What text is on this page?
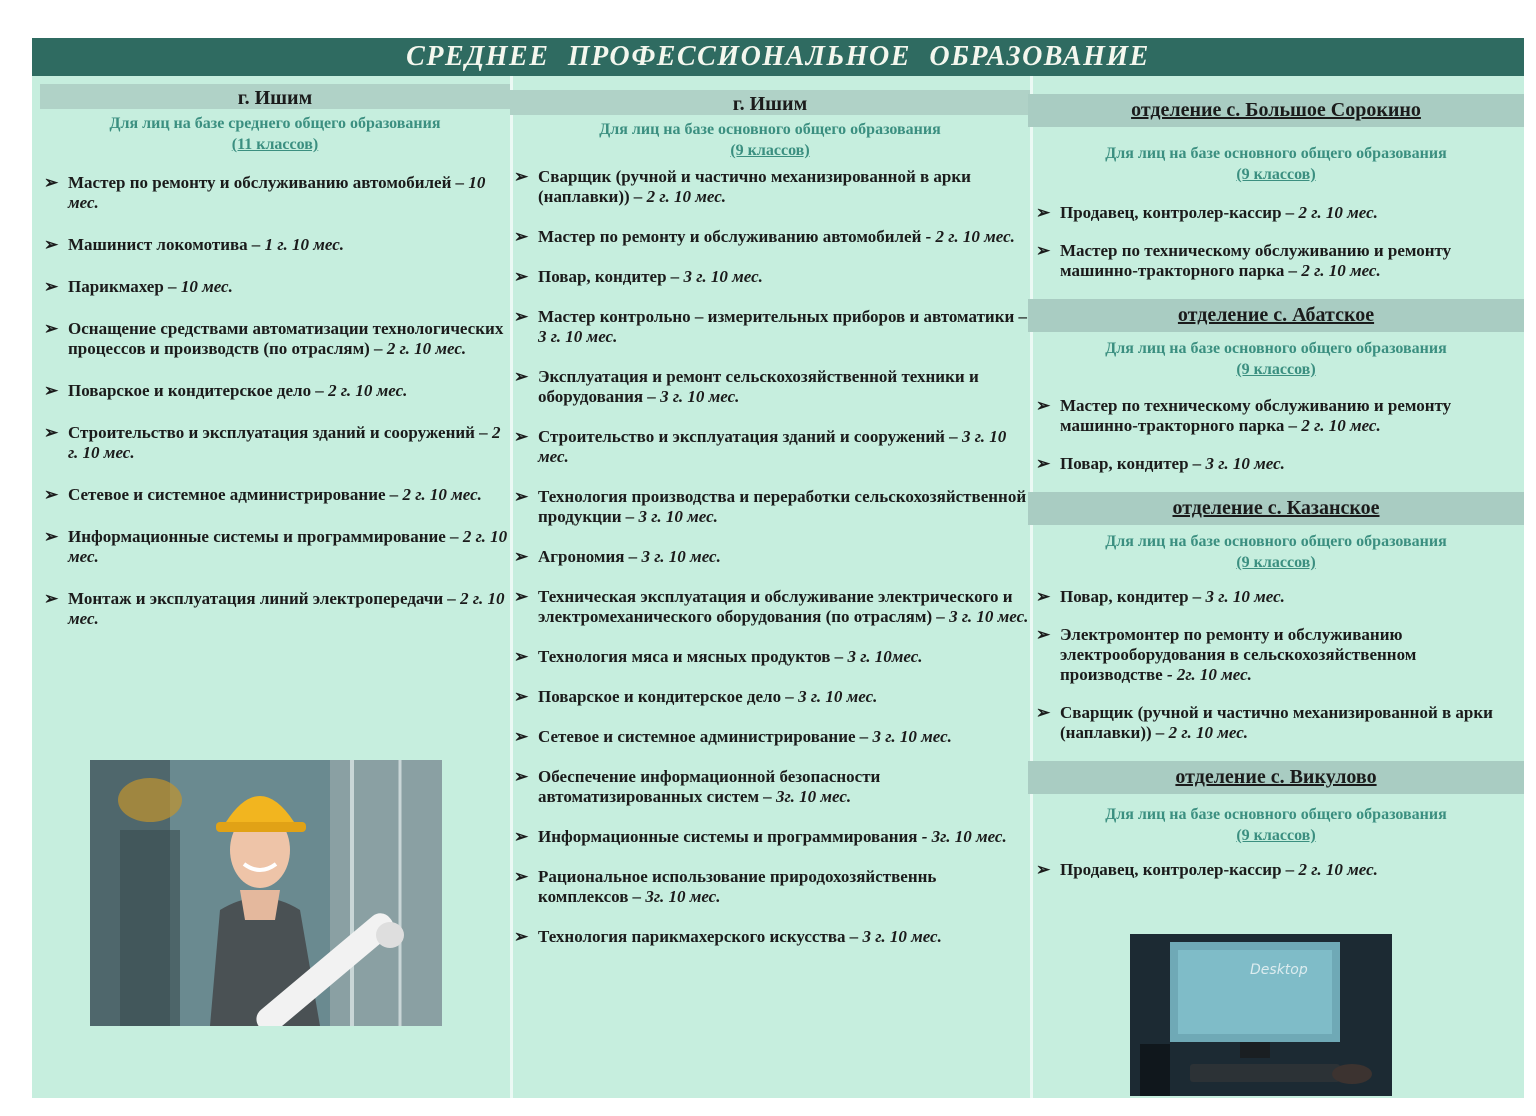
СРЕДНЕЕ ПРОФЕССИОНАЛЬНОЕ ОБРАЗОВАНИЕ
г. Ишим
Для лиц на базе среднего общего образования
(11 классов)
➢ Мастер по ремонту и обслуживанию автомобилей – 10 мес.
➢ Машинист локомотива – 1 г. 10 мес.
➢ Парикмахер – 10 мес.
➢ Оснащение средствами автоматизации технологических процессов и производств (по отраслям) – 2 г. 10 мес.
➢ Поварское и кондитерское дело – 2 г. 10 мес.
➢ Строительство и эксплуатация зданий и сооружений – 2 г. 10 мес.
➢ Сетевое и системное администрирование – 2 г. 10 мес.
➢ Информационные системы и программирование – 2 г. 10 мес.
➢ Монтаж и эксплуатация линий электропередачи – 2 г. 10 мес.
г. Ишим
Для лиц на базе основного общего образования
(9 классов)
➢ Сварщик (ручной и частично механизированной в арки (наплавки)) – 2 г. 10 мес.
➢ Мастер по ремонту и обслуживанию автомобилей - 2 г. 10 мес.
➢ Повар, кондитер – 3 г. 10 мес.
➢ Мастер контрольно – измерительных приборов и автоматики – 3 г. 10 мес.
➢ Эксплуатация и ремонт сельскохозяйственной техники и оборудования – 3 г. 10 мес.
➢ Строительство и эксплуатация зданий и сооружений – 3 г. 10 мес.
➢ Технология производства и переработки сельскохозяйственной продукции – 3 г. 10 мес.
➢ Агрономия – 3 г. 10 мес.
➢ Техническая эксплуатация и обслуживание электрического и электромеханического оборудования (по отраслям) – 3 г. 10 мес.
➢ Технология мяса и мясных продуктов – 3 г. 10мес.
➢ Поварское и кондитерское дело – 3 г. 10 мес.
➢ Сетевое и системное администрирование – 3 г. 10 мес.
➢ Обеспечение информационной безопасности автоматизированных систем – 3г. 10 мес.
➢ Информационные системы и программирования - 3г. 10 мес.
➢ Рациональное использование природохозяйственнь комплексов – 3г. 10 мес.
➢ Технология парикмахерского искусства – 3 г. 10 мес.
отделение с. Большое Сорокино
Для лиц на базе основного общего образования
(9 классов)
➢ Продавец, контролер-кассир – 2 г. 10 мес.
➢ Мастер по техническому обслуживанию и ремонту машинно-тракторного парка – 2 г. 10 мес.
отделение с. Абатское
Для лиц на базе основного общего образования
(9 классов)
➢ Мастер по техническому обслуживанию и ремонту машинно-тракторного парка – 2 г. 10 мес.
➢ Повар, кондитер – 3 г. 10 мес.
отделение с. Казанское
Для лиц на базе основного общего образования
(9 классов)
➢ Повар, кондитер – 3 г. 10 мес.
➢ Электромонтер по ремонту и обслуживанию электрооборудования в сельскохозяйственном производстве - 2г. 10 мес.
➢ Сварщик (ручной и частично механизированной в арки (наплавки)) – 2 г. 10 мес.
отделение с. Викулово
Для лиц на базе основного общего образования
(9 классов)
➢ Продавец, контролер-кассир – 2 г. 10 мес.
Desktop
